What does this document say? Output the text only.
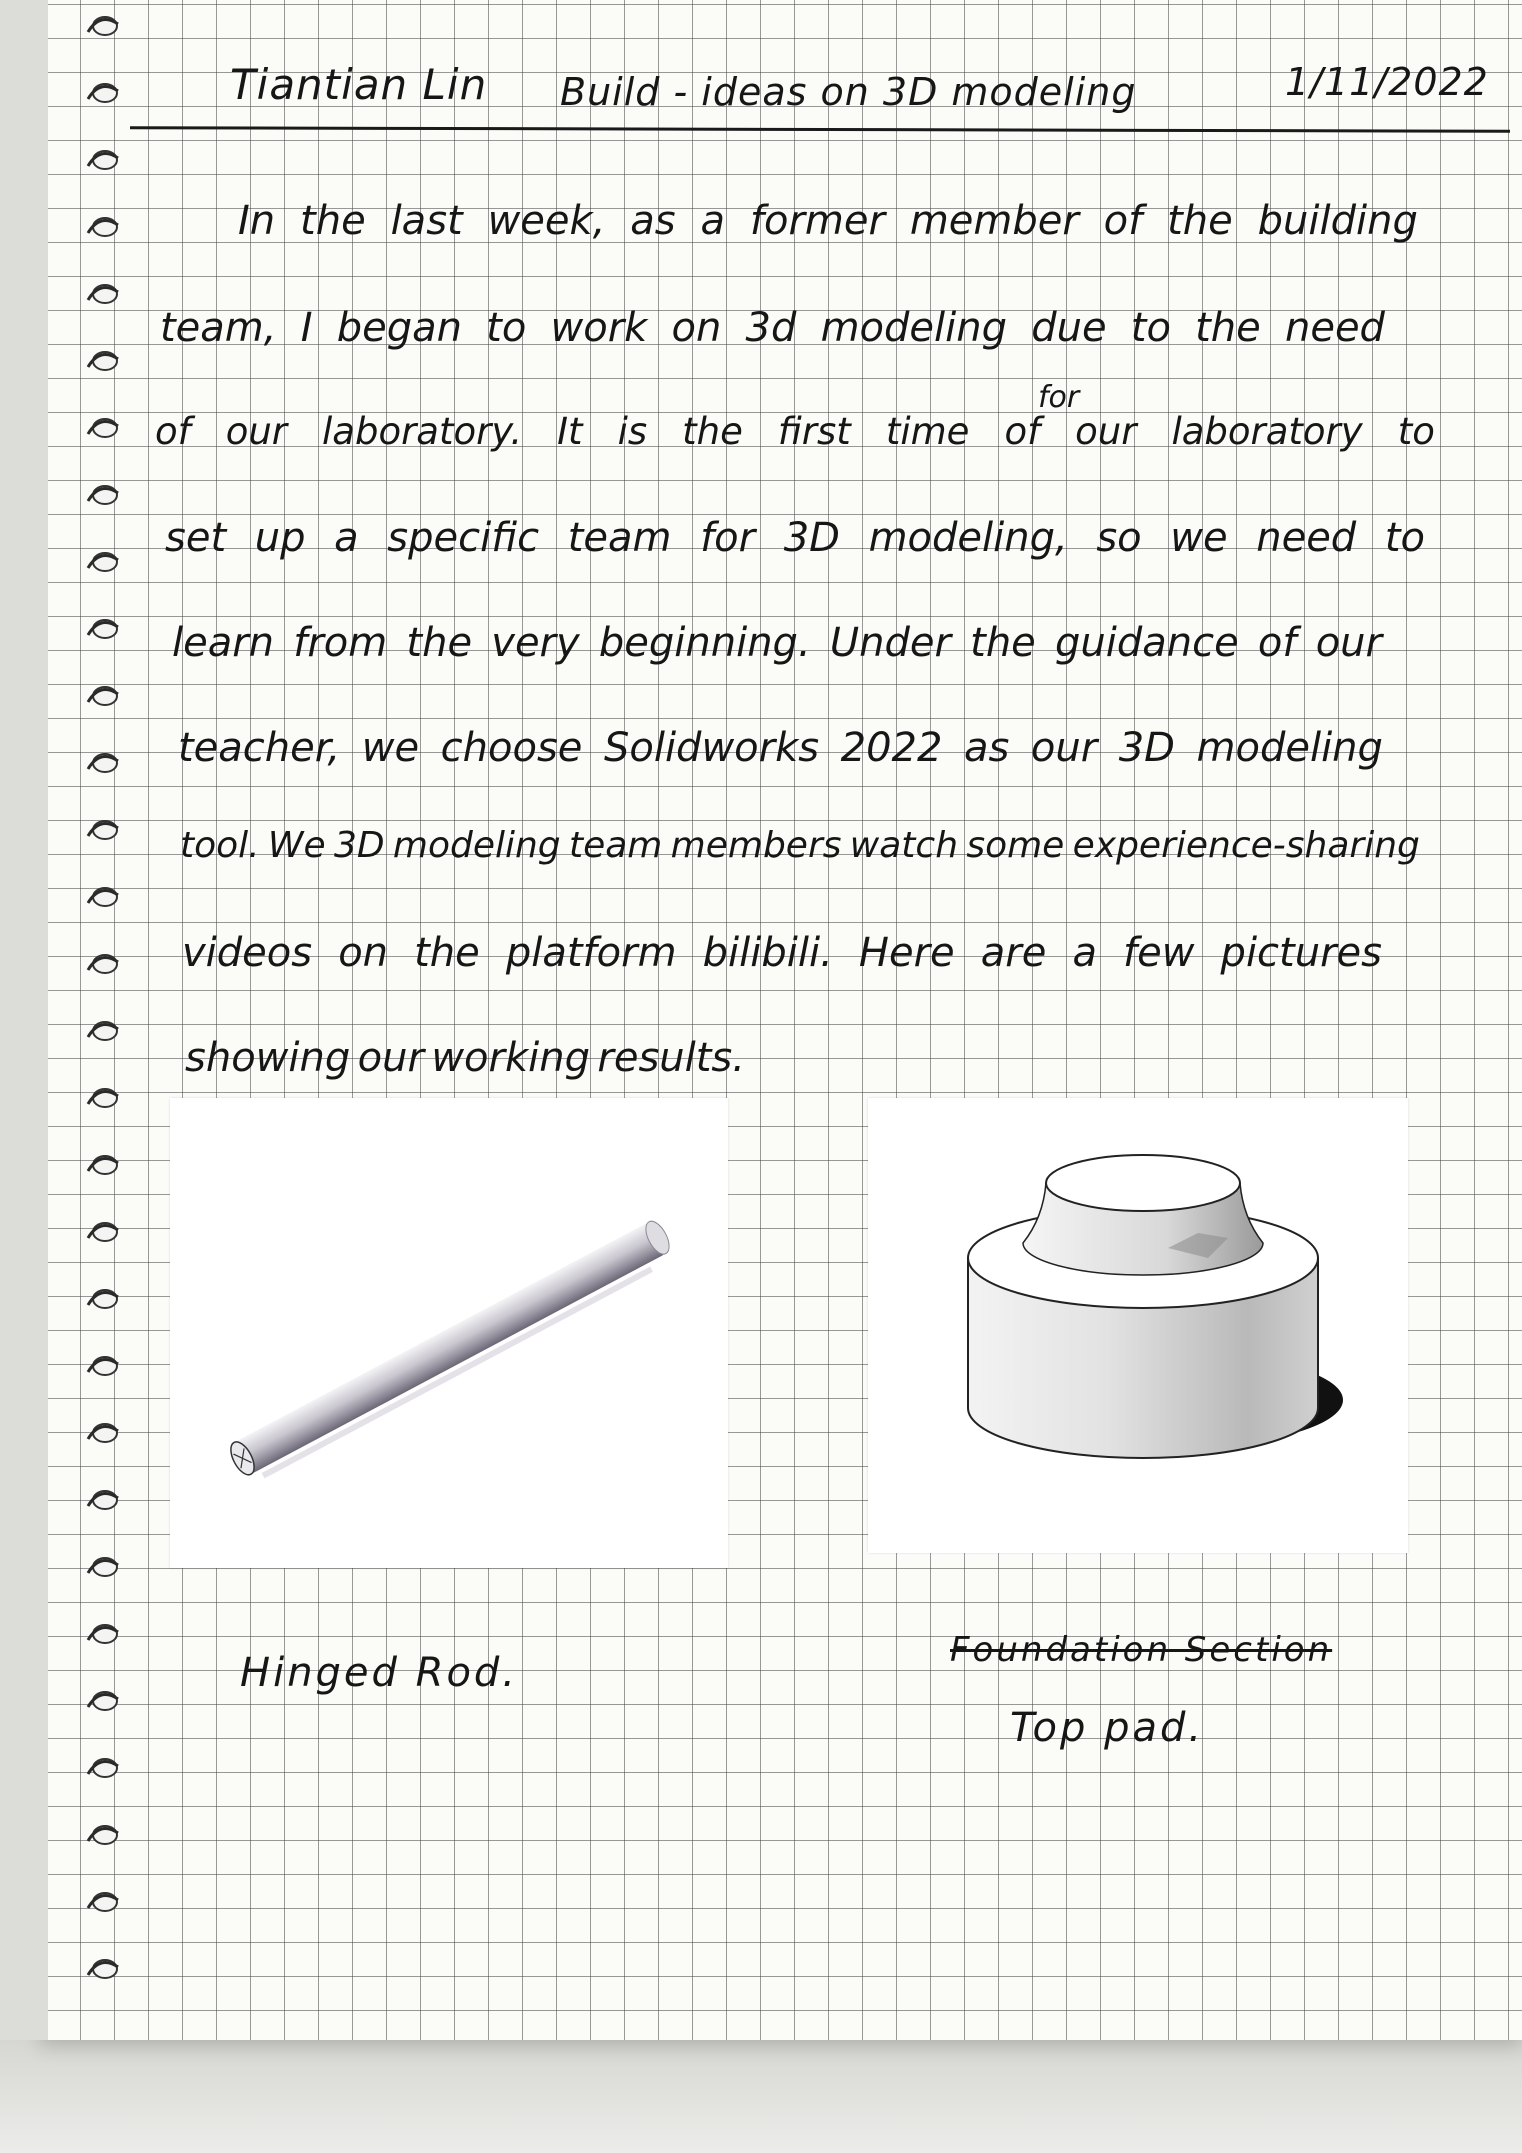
Tiantian Lin Build - ideas on 3D modeling	1/11/2022
for
In the last week, as a former member of the building
team, I began to work on 3d modeling due to the need
of our laboratory. It is the first time of our laboratory to
set up a specific team for 3D modeling, so we need to
learn from the very beginning. Under the guidance of our
teacher, we choose Solidworks 2022 as our 3D modeling
tool. We 3D modeling team members watch some experience-sharing
videos on the platform bilibili. Here are a few pictures
showing our working results.
Hinged Rod.	Foundation Section
Top pad.
